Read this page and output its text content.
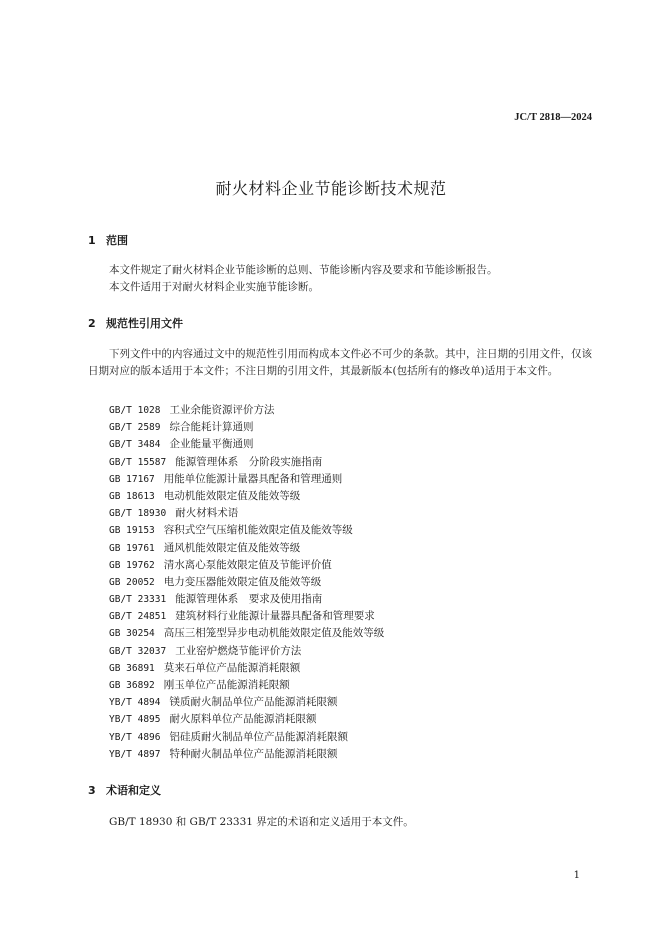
JC/T 2818—2024
耐火材料企业节能诊断技术规范
1 范围
本文件规定了耐火材料企业节能诊断的总则、节能诊断内容及要求和节能诊断报告。
本文件适用于对耐火材料企业实施节能诊断。
2 规范性引用文件
下列文件中的内容通过文中的规范性引用而构成本文件必不可少的条款。其中，注日期的引用文件，仅该日期对应的版本适用于本文件；不注日期的引用文件，其最新版本(包括所有的修改单)适用于本文件。
GB/T 1028 工业余能资源评价方法
GB/T 2589 综合能耗计算通则
GB/T 3484 企业能量平衡通则
GB/T 15587 能源管理体系　分阶段实施指南
GB 17167 用能单位能源计量器具配备和管理通则
GB 18613 电动机能效限定值及能效等级
GB/T 18930 耐火材料术语
GB 19153 容积式空气压缩机能效限定值及能效等级
GB 19761 通风机能效限定值及能效等级
GB 19762 清水离心泵能效限定值及节能评价值
GB 20052 电力变压器能效限定值及能效等级
GB/T 23331 能源管理体系　要求及使用指南
GB/T 24851 建筑材料行业能源计量器具配备和管理要求
GB 30254 高压三相笼型异步电动机能效限定值及能效等级
GB/T 32037 工业窑炉燃烧节能评价方法
GB 36891 莫来石单位产品能源消耗限额
GB 36892 刚玉单位产品能源消耗限额
YB/T 4894 镁质耐火制品单位产品能源消耗限额
YB/T 4895 耐火原料单位产品能源消耗限额
YB/T 4896 铝硅质耐火制品单位产品能源消耗限额
YB/T 4897 特种耐火制品单位产品能源消耗限额
3 术语和定义
GB/T 18930 和 GB/T 23331 界定的术语和定义适用于本文件。
1
